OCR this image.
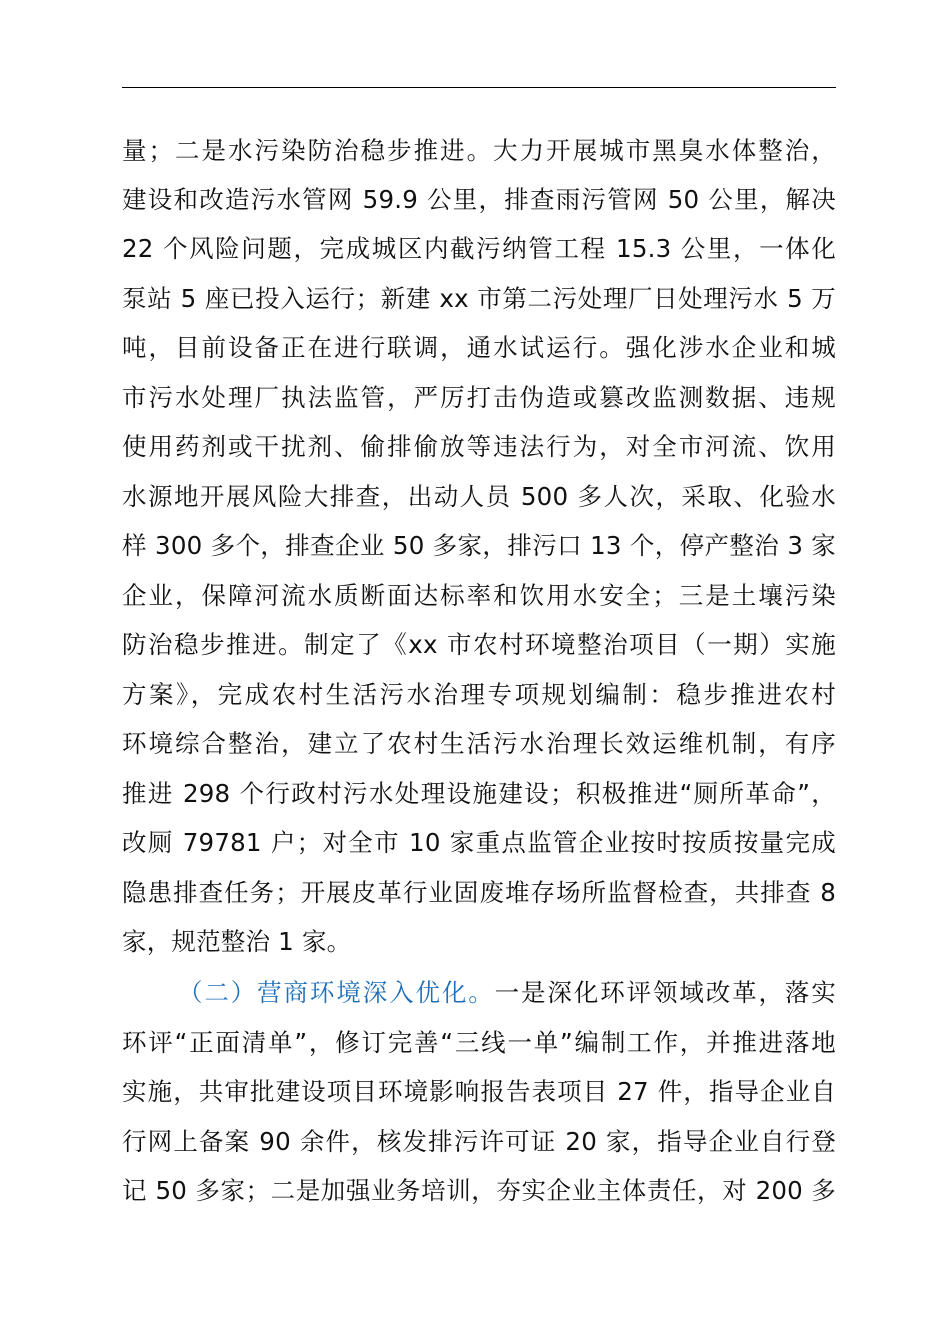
量；二是水污染防治稳步推进。大力开展城市黑臭水体整治，
建设和改造污水管网 59.9 公里，排查雨污管网 50 公里，解决
22 个风险问题，完成城区内截污纳管工程 15.3 公里，一体化
泵站 5 座已投入运行；新建 xx 市第二污处理厂日处理污水 5 万
吨，目前设备正在进行联调，通水试运行。强化涉水企业和城
市污水处理厂执法监管，严厉打击伪造或篡改监测数据、违规
使用药剂或干扰剂、偷排偷放等违法行为，对全市河流、饮用
水源地开展风险大排查，出动人员 500 多人次，采取、化验水
样 300 多个，排查企业 50 多家，排污口 13 个，停产整治 3 家
企业，保障河流水质断面达标率和饮用水安全；三是土壤污染
防治稳步推进。制定了《xx 市农村环境整治项目（一期）实施
方案》，完成农村生活污水治理专项规划编制：稳步推进农村
环境综合整治，建立了农村生活污水治理长效运维机制，有序
推进 298 个行政村污水处理设施建设；积极推进“厕所革命”，
改厕 79781 户；对全市 10 家重点监管企业按时按质按量完成
隐患排查任务；开展皮革行业固废堆存场所监督检查，共排查 8
家，规范整治 1 家。
（二）营商环境深入优化。一是深化环评领域改革，落实
环评“正面清单”，修订完善“三线一单”编制工作，并推进落地
实施，共审批建设项目环境影响报告表项目 27 件，指导企业自
行网上备案 90 余件，核发排污许可证 20 家，指导企业自行登
记 50 多家；二是加强业务培训，夯实企业主体责任，对 200 多
